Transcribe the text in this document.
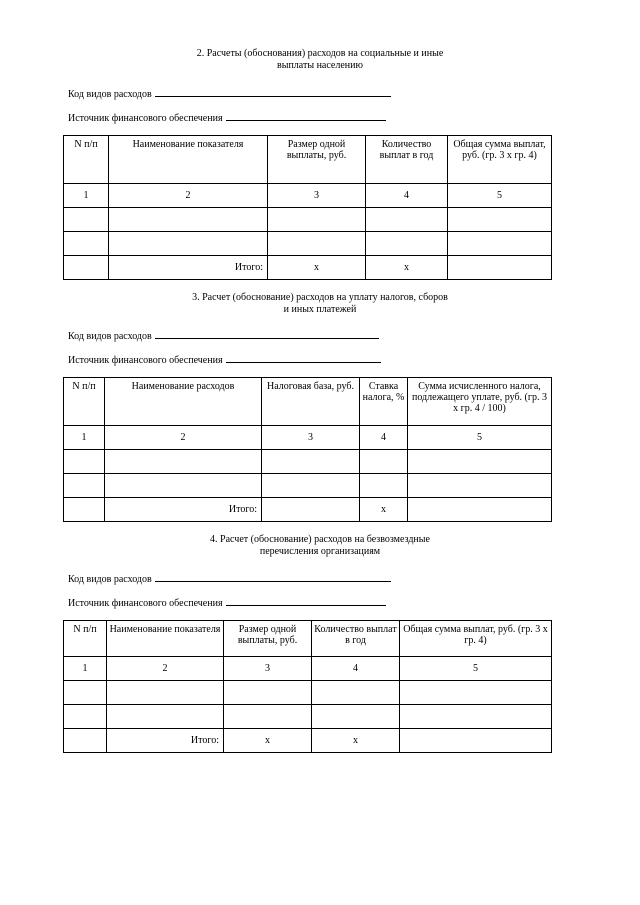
2. Расчеты (обоснования) расходов на социальные и иные
выплаты населению
Код видов расходов
Источник финансового обеспечения
N п/п	Наименование показателя	Размер одной выплаты, руб.	Количество выплат в год	Общая сумма выплат, руб. (гр. 3 х гр. 4)
1	2	3	4	5

	Итого:	x	x	
3. Расчет (обоснование) расходов на уплату налогов, сборов
и иных платежей
Код видов расходов
Источник финансового обеспечения
N п/п	Наименование расходов	Налоговая база, руб.	Ставка налога, %	Сумма исчисленного налога, подлежащего уплате, руб. (гр. 3 х гр. 4 / 100)
1	2	3	4	5

	Итого:		x	
4. Расчет (обоснование) расходов на безвозмездные
перечисления организациям
Код видов расходов
Источник финансового обеспечения
N п/п	Наименование показателя	Размер одной выплаты, руб.	Количество выплат в год	Общая сумма выплат, руб. (гр. 3 х гр. 4)
1	2	3	4	5

	Итого:	x	x	
